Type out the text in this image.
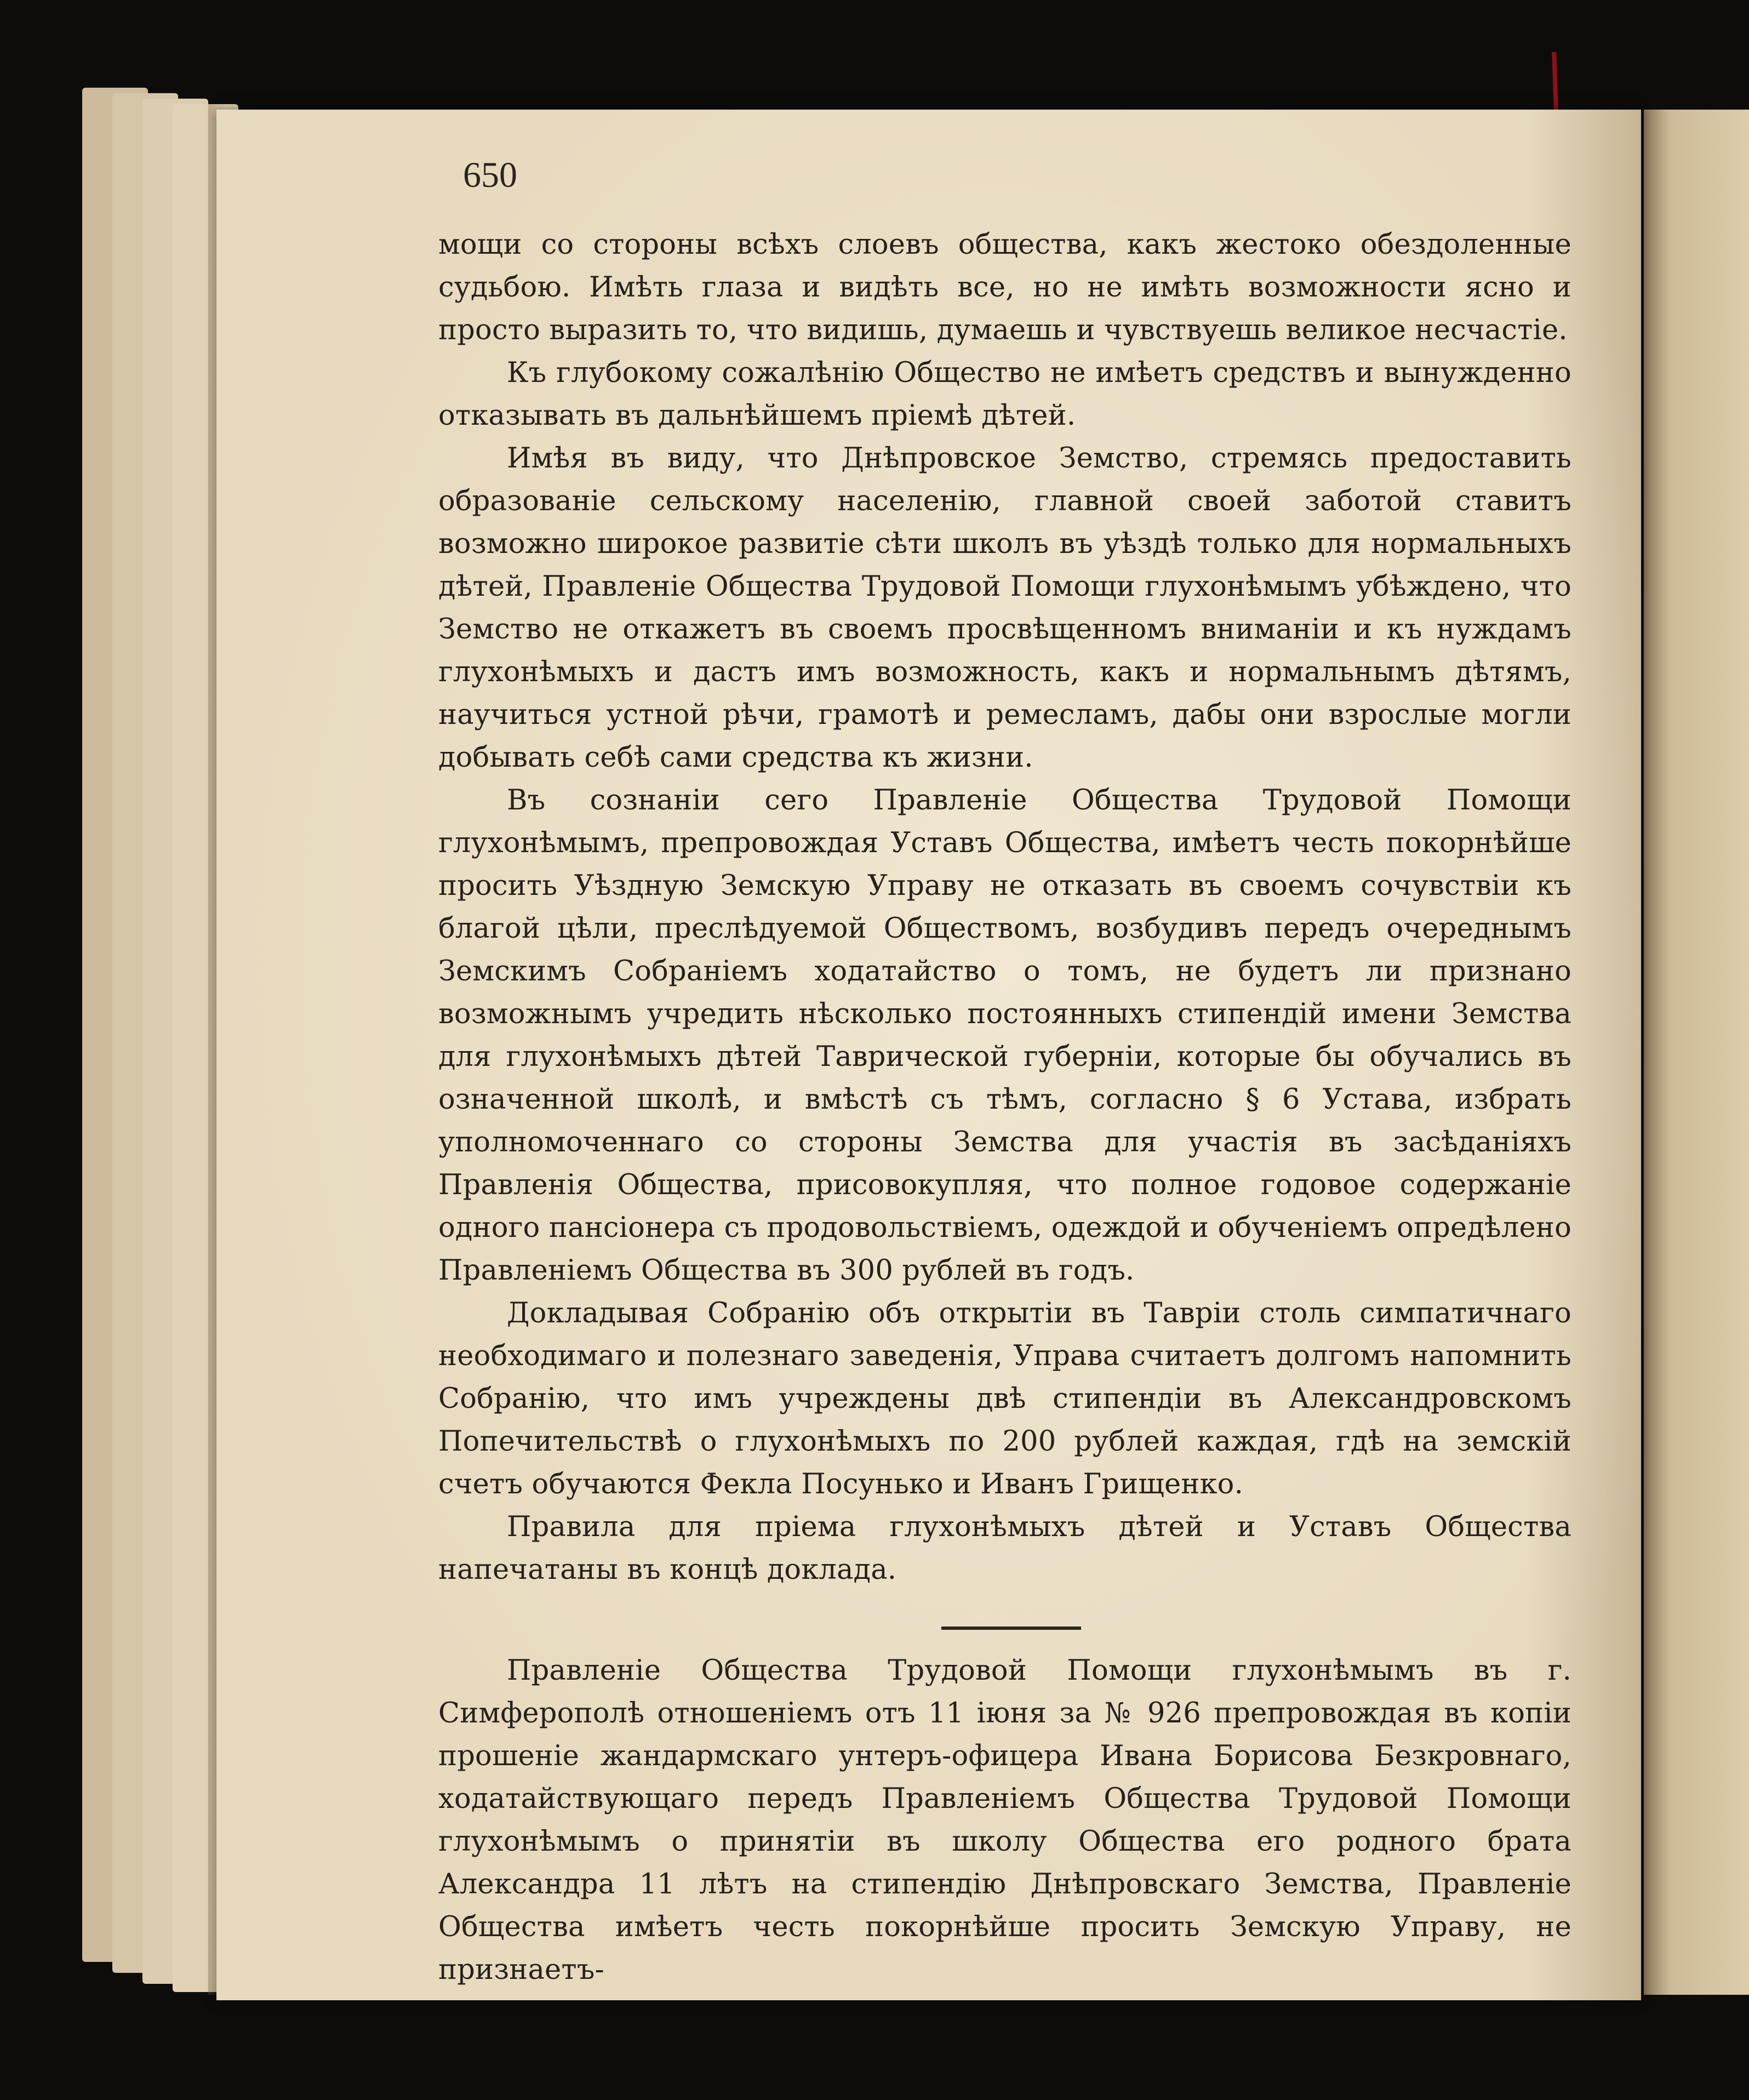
650

мощи со стороны всѣхъ слоевъ общества, какъ жестоко обездоленные судьбою. Имѣть глаза и видѣть все, но не имѣть возможности ясно и просто выразить то, что видишь, думаешь и чувствуешь великое несчастіе.

Къ глубокому сожалѣнію Общество не имѣетъ средствъ и вынужденно отказывать въ дальнѣйшемъ пріемѣ дѣтей.

Имѣя въ виду, что Днѣпровское Земство, стремясь предоставить образованіе сельскому населенію, главной своей заботой ставитъ возможно широкое развитіе сѣти школъ въ уѣздѣ только для нормальныхъ дѣтей, Правленіе Общества Трудовой Помощи глухонѣмымъ убѣждено, что Земство не откажетъ въ своемъ просвѣщенномъ вниманіи и къ нуждамъ глухонѣмыхъ и дастъ имъ возможность, какъ и нормальнымъ дѣтямъ, научиться устной рѣчи, грамотѣ и ремесламъ, дабы они взрослые могли добывать себѣ сами средства къ жизни.

Въ сознаніи сего Правленіе Общества Трудовой Помощи глухонѣмымъ, препровождая Уставъ Общества, имѣетъ честь покорнѣйше просить Уѣздную Земскую Управу не отказать въ своемъ сочувствіи къ благой цѣли, преслѣдуемой Обществомъ, возбудивъ передъ очереднымъ Земскимъ Собраніемъ ходатайство о томъ, не будетъ ли признано возможнымъ учредить нѣсколько постоянныхъ стипендій имени Земства для глухонѣмыхъ дѣтей Таврической губерніи, которые бы обучались въ означенной школѣ, и вмѣстѣ съ тѣмъ, согласно § 6 Устава, избрать уполномоченнаго со стороны Земства для участія въ засѣданіяхъ Правленія Общества, присовокупляя, что полное годовое содержаніе одного пансіонера съ продовольствіемъ, одеждой и обученіемъ опредѣлено Правленіемъ Общества въ 300 рублей въ годъ.

Докладывая Собранію объ открытіи въ Тавріи столь симпатичнаго необходимаго и полезнаго заведенія, Управа считаетъ долгомъ напомнить Собранію, что имъ учреждены двѣ стипендіи въ Александровскомъ Попечительствѣ о глухонѣмыхъ по 200 рублей каждая, гдѣ на земскій счетъ обучаются Фекла Посунько и Иванъ Грищенко.

Правила для пріема глухонѣмыхъ дѣтей и Уставъ Общества напечатаны въ концѣ доклада.

Правленіе Общества Трудовой Помощи глухонѣмымъ въ г. Симферополѣ отношеніемъ отъ 11 іюня за № 926 препровождая въ копіи прошеніе жандармскаго унтеръ-офицера Ивана Борисова Безкровнаго, ходатайствующаго передъ Правленіемъ Общества Трудовой Помощи глухонѣмымъ о принятіи въ школу Общества его родного брата Александра 11 лѣтъ на стипендію Днѣпровскаго Земства, Правленіе Общества имѣетъ честь покорнѣйше просить Земскую Управу, не признаетъ-
